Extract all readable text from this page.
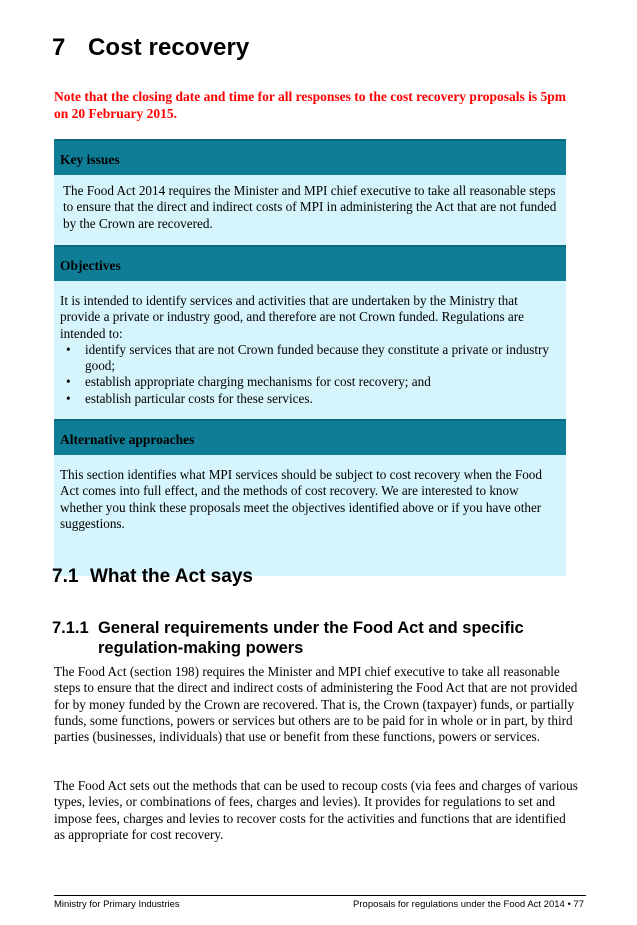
7 Cost recovery
Note that the closing date and time for all responses to the cost recovery proposals is 5pm on 20 February 2015.
Key issues

The Food Act 2014 requires the Minister and MPI chief executive to take all reasonable steps to ensure that the direct and indirect costs of MPI in administering the Act that are not funded by the Crown are recovered.

Objectives

It is intended to identify services and activities that are undertaken by the Ministry that provide a private or industry good, and therefore are not Crown funded. Regulations are intended to:

• identify services that are not Crown funded because they constitute a private or industry good;
• establish appropriate charging mechanisms for cost recovery; and
• establish particular costs for these services.
Alternative approaches

This section identifies what MPI services should be subject to cost recovery when the Food Act comes into full effect, and the methods of cost recovery. We are interested to know whether you think these proposals meet the objectives identified above or if you have other suggestions.

7.1 What the Act says
7.1.1 General requirements under the Food Act and specific regulation-making powers

The Food Act (section 198) requires the Minister and MPI chief executive to take all reasonable steps to ensure that the direct and indirect costs of administering the Food Act that are not provided for by money funded by the Crown are recovered. That is, the Crown (taxpayer) funds, or partially funds, some functions, powers or services but others are to be paid for in whole or in part, by third parties (businesses, individuals) that use or benefit from these functions, powers or services.

The Food Act sets out the methods that can be used to recoup costs (via fees and charges of various types, levies, or combinations of fees, charges and levies). It provides for regulations to set and impose fees, charges and levies to recover costs for the activities and functions that are identified as appropriate for cost recovery.

Ministry for Primary Industries	Proposals for regulations under the Food Act 2014 • 77
